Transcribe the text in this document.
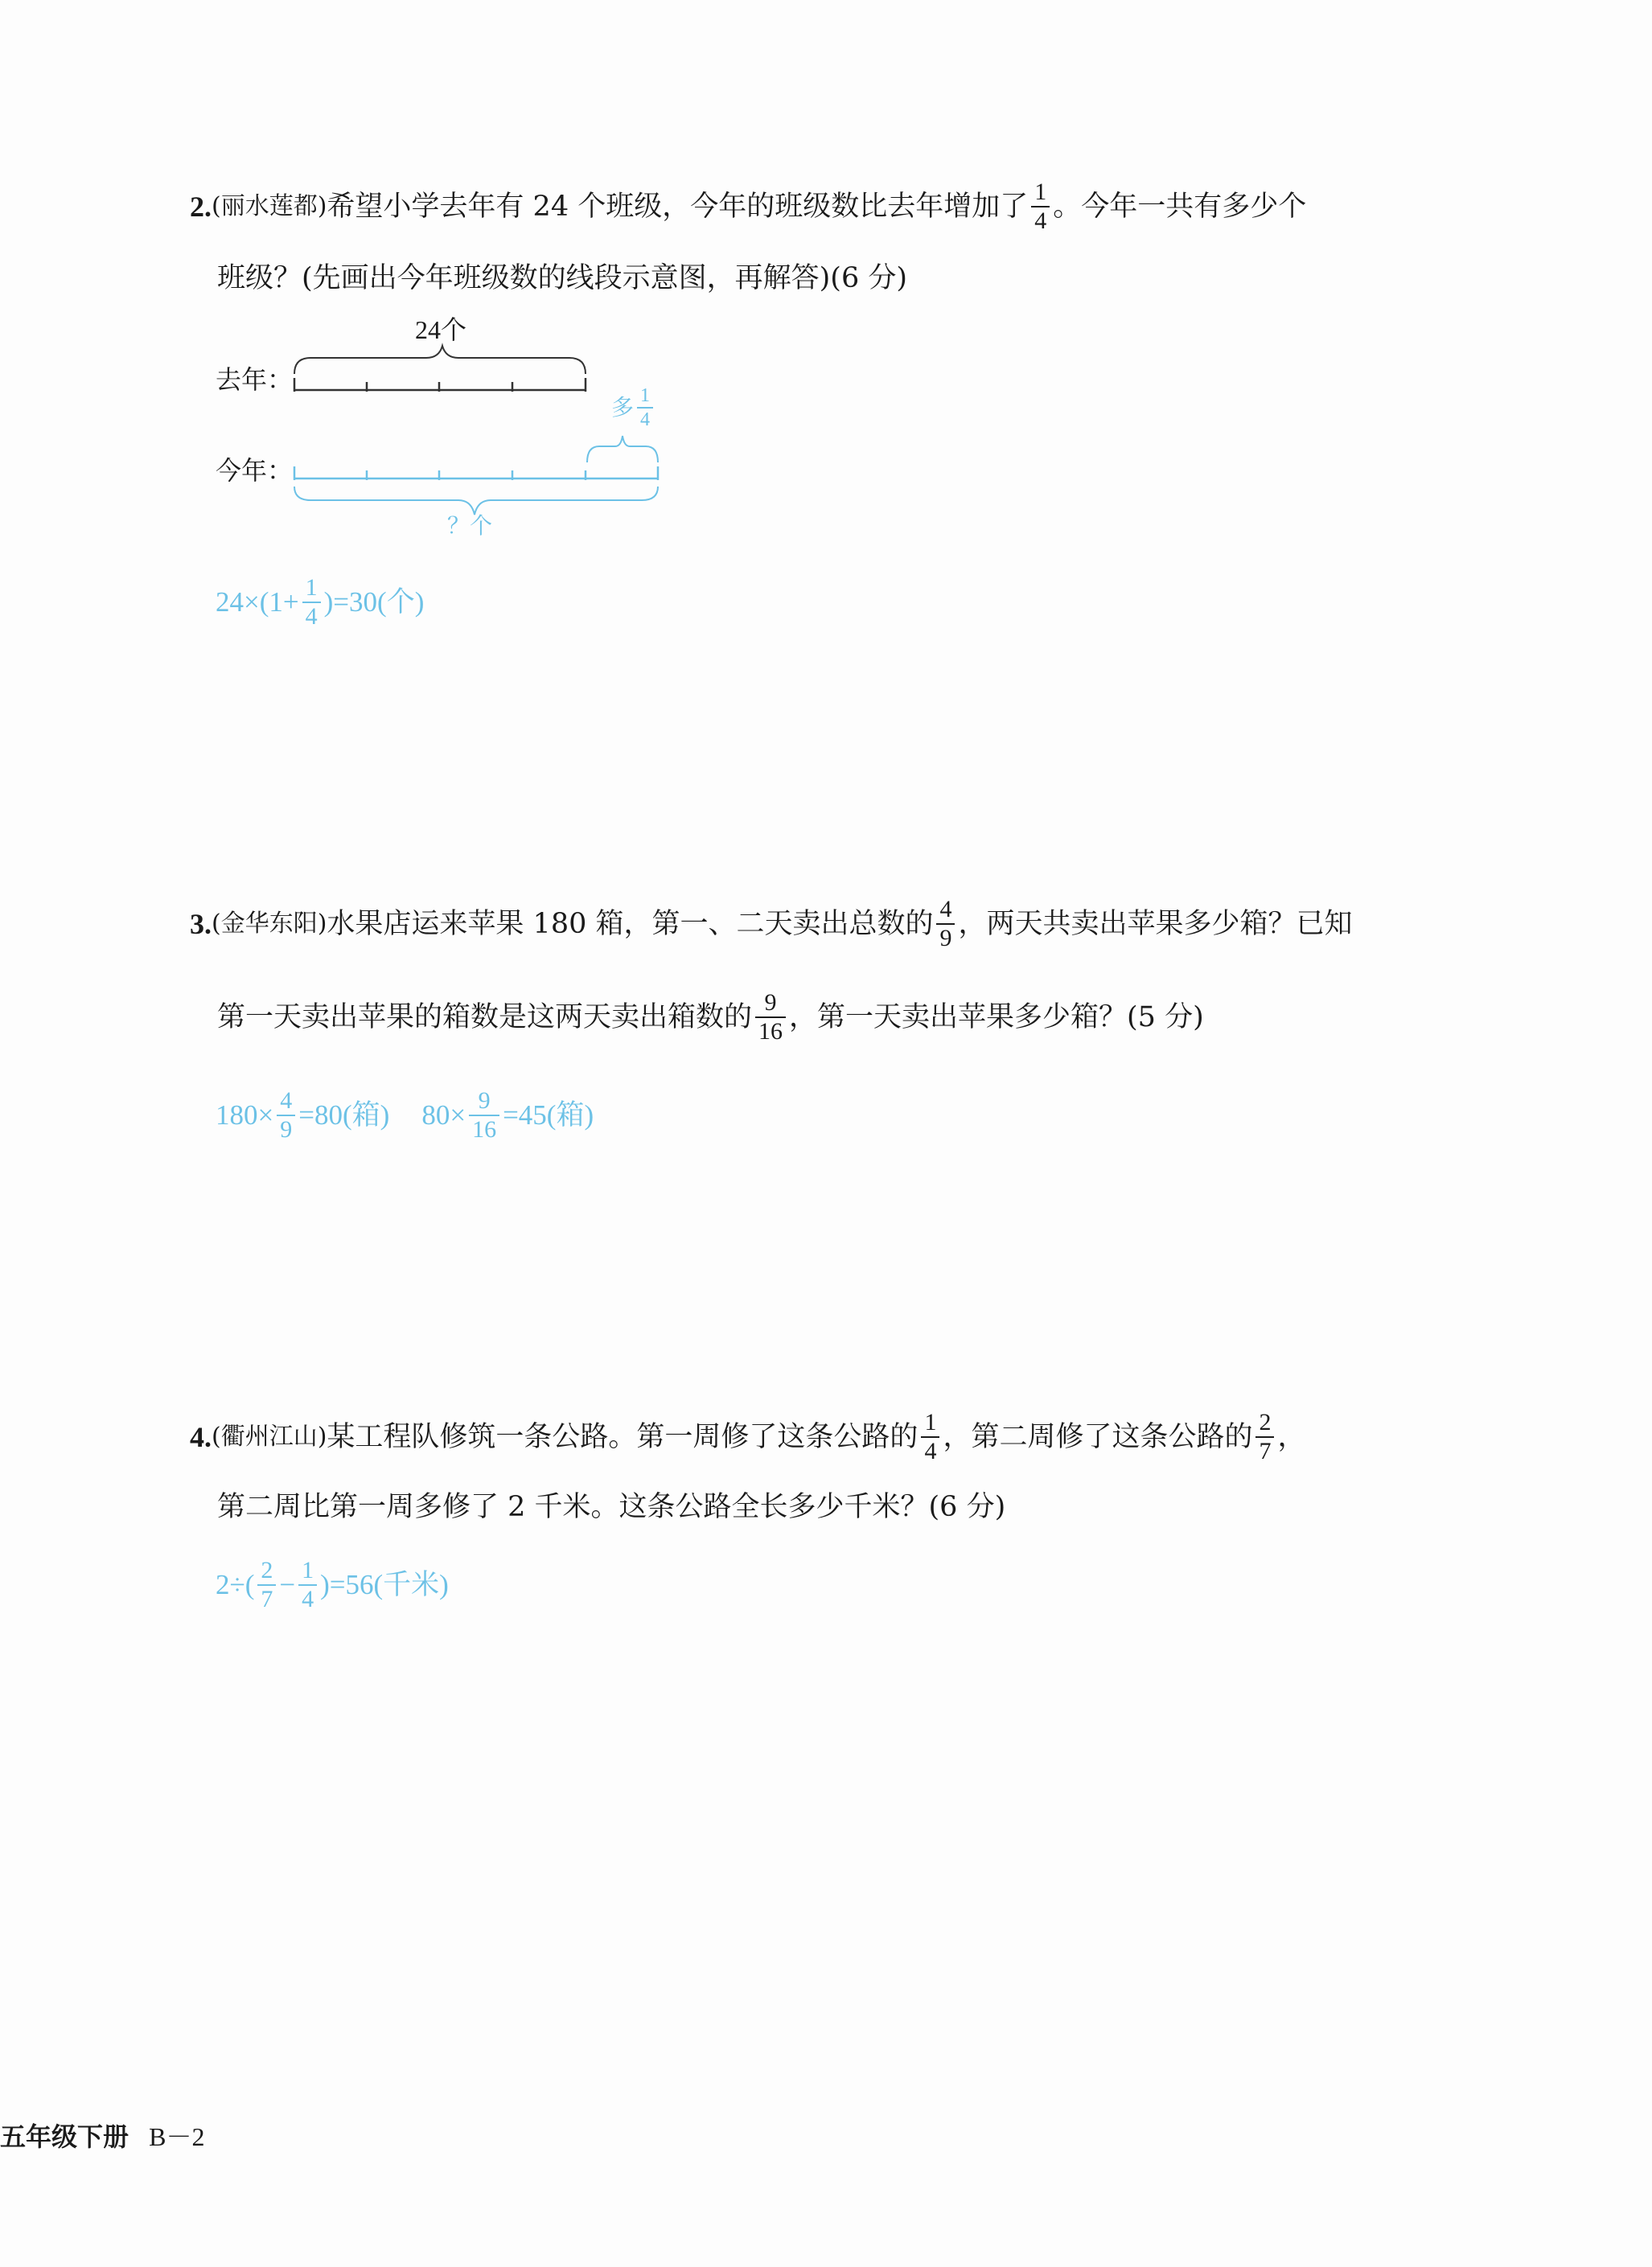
2. (丽水莲都) 希望小学去年有 24 个班级，今年的班级数比去年增加了 $\frac{1}{4}$ 。今年一共有多少个
班级？(先画出今年班级数的线段示意图，再解答)(6 分)
24个
去年：
今年：
多 $\frac{1}{4}$
？个
$24\times(1+ \frac{1}{4} )=30$(个)
3. (金华东阳) 水果店运来苹果 180 箱，第一、二天卖出总数的 $\frac{4}{9}$ ，两天共卖出苹果多少箱？已知
第一天卖出苹果的箱数是这两天卖出箱数的 $\frac{9}{16}$ ，第一天卖出苹果多少箱？(5 分)
$180\times \frac{4}{9} =80$(箱) $80\times \frac{9}{16} =45$(箱)
4. (衢州江山) 某工程队修筑一条公路。第一周修了这条公路的 $\frac{1}{4}$ ，第二周修了这条公路的 $\frac{2}{7}$ ，
第二周比第一周多修了 2 千米。这条公路全长多少千米？(6 分)
$2\div( \frac{2}{7} - \frac{1}{4} )=56$(千米)
五年级下册 B－2
